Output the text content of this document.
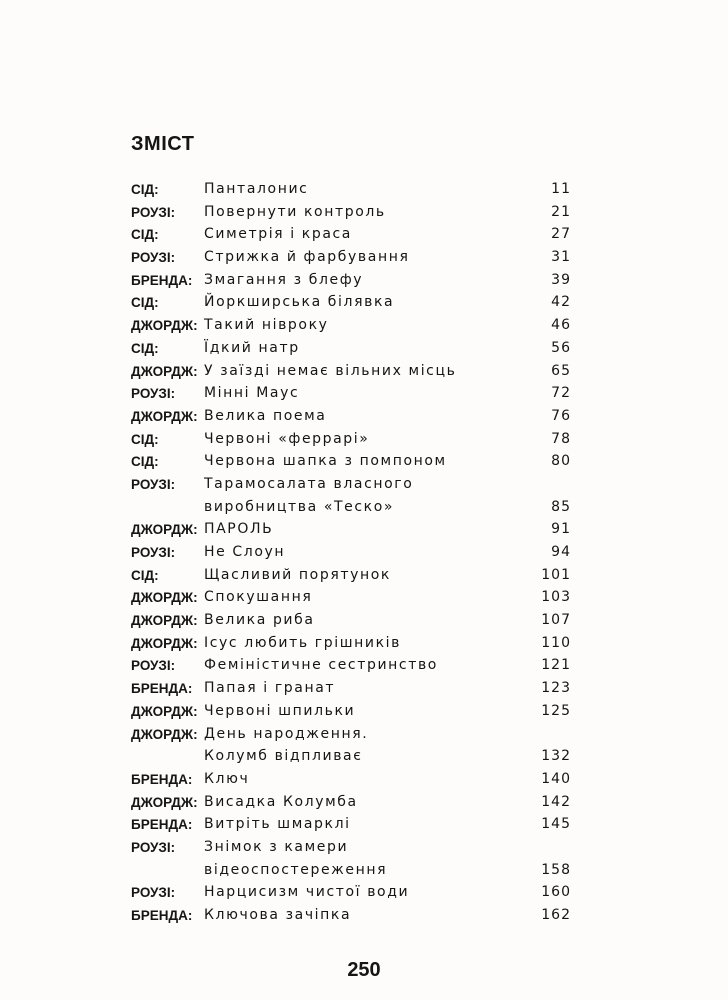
ЗМІСТ
СІД:	Панталонис	11
РОУЗІ: Повернути контроль	21
СІД:	Симетрія і краса	27
РОУЗІ: Стрижка й фарбування	31
БРЕНДА: Змагання з блефу	39
СІД:	Йоркширська білявка	42
ДЖОРДЖ: Такий нівроку	46
СІД:	Їдкий натр	56
ДЖОРДЖ: У заїзді немає вільних місць	65
РОУЗІ: Мінні Маус	72
ДЖОРДЖ: Велика поема	76
СІД:	Червоні «феррарі»	78
СІД:	Червона шапка з помпоном	80
РОУЗІ: Тарамосалата власного
виробництва «Теско»	85
ДЖОРДЖ: ПАРОЛЬ	91
РОУЗІ: Не Слоун	94
СІД:	Щасливий порятунок	101
ДЖОРДЖ: Спокушання	103
ДЖОРДЖ: Велика риба	107
ДЖОРДЖ: Ісус любить грішників	110
РОУЗІ: Феміністичне сестринство	121
БРЕНДА: Папая і гранат	123
ДЖОРДЖ: Червоні шпильки	125
ДЖОРДЖ: День народження.
Колумб відпливає	132
БРЕНДА: Ключ	140
ДЖОРДЖ: Висадка Колумба	142
БРЕНДА: Витріть шмарклі	145
РОУЗІ: Знімок з камери
відеоспостереження	158
РОУЗІ: Нарцисизм чистої води	160
БРЕНДА: Ключова зачіпка	162
250
